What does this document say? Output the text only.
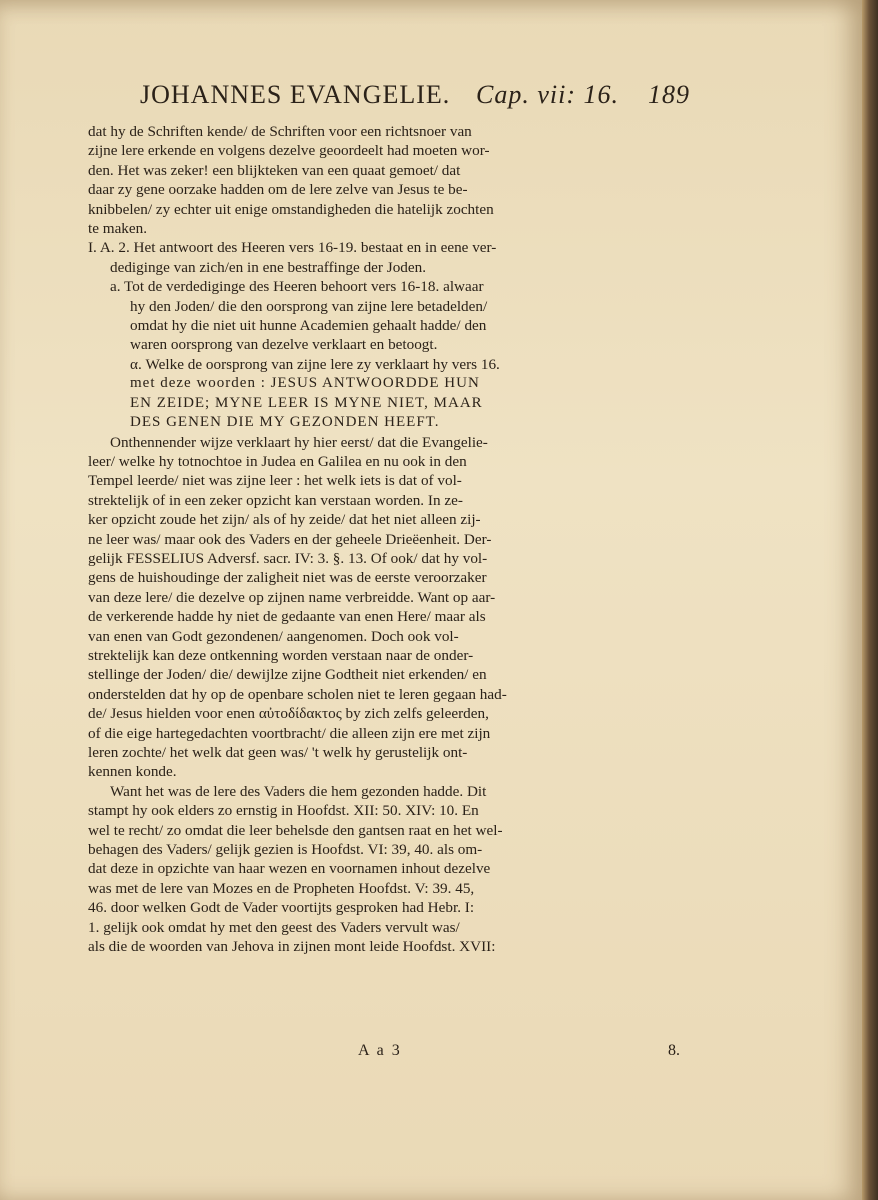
JOHANNES EVANGELIE. Cap. vii: 16. 189
dat hy de Schriften kende/ de Schriften voor een richtsnoer van
zijne lere erkende en volgens dezelve geoordeelt had moeten wor-
den. Het was zeker! een blijkteken van een quaat gemoet/ dat
daar zy gene oorzake hadden om de lere zelve van Jesus te be-
knibbelen/ zy echter uit enige omstandigheden die hatelijk zochten
te maken.
I. A. 2. Het antwoort des Heeren vers 16-19. bestaat en in eene ver-
dediginge van zich/en in ene bestraffinge der Joden.
a. Tot de verdediginge des Heeren behoort vers 16-18. alwaar
hy den Joden/ die den oorsprong van zijne lere betadelden/
omdat hy die niet uit hunne Academien gehaalt hadde/ den
waren oorsprong van dezelve verklaart en betoogt.
α. Welke de oorsprong van zijne lere zy verklaart hy vers 16.
met deze woorden : JESUS ANTWOORDDE HUN
EN ZEIDE; MYNE LEER IS MYNE NIET, MAAR
DES GENEN DIE MY GEZONDEN HEEFT.
Onthennender wijze verklaart hy hier eerst/ dat die Evangelie-
leer/ welke hy totnochtoe in Judea en Galilea en nu ook in den
Tempel leerde/ niet was zijne leer : het welk iets is dat of vol-
strektelijk of in een zeker opzicht kan verstaan worden. In ze-
ker opzicht zoude het zijn/ als of hy zeide/ dat het niet alleen zij-
ne leer was/ maar ook des Vaders en der geheele Drieëenheit. Der-
gelijk FESSELIUS Adversf. sacr. IV: 3. §. 13. Of ook/ dat hy vol-
gens de huishoudinge der zaligheit niet was de eerste veroorzaker
van deze lere/ die dezelve op zijnen name verbreidde. Want op aar-
de verkerende hadde hy niet de gedaante van enen Here/ maar als
van enen van Godt gezondenen/ aangenomen. Doch ook vol-
strektelijk kan deze ontkenning worden verstaan naar de onder-
stellinge der Joden/ die/ dewijlze zijne Godtheit niet erkenden/ en
onderstelden dat hy op de openbare scholen niet te leren gegaan had-
de/ Jesus hielden voor enen αὐτοδίδακτος by zich zelfs geleerden,
of die eige hartegedachten voortbracht/ die alleen zijn ere met zijn
leren zochte/ het welk dat geen was/ 't welk hy gerustelijk ont-
kennen konde.
Want het was de lere des Vaders die hem gezonden hadde. Dit
stampt hy ook elders zo ernstig in Hoofdst. XII: 50. XIV: 10. En
wel te recht/ zo omdat die leer behelsde den gantsen raat en het wel-
behagen des Vaders/ gelijk gezien is Hoofdst. VI: 39, 40. als om-
dat deze in opzichte van haar wezen en voornamen inhout dezelve
was met de lere van Mozes en de Propheten Hoofdst. V: 39. 45,
46. door welken Godt de Vader voortijts gesproken had Hebr. I:
1. gelijk ook omdat hy met den geest des Vaders vervult was/
als die de woorden van Jehova in zijnen mont leide Hoofdst. XVII:
A a 3	8.
